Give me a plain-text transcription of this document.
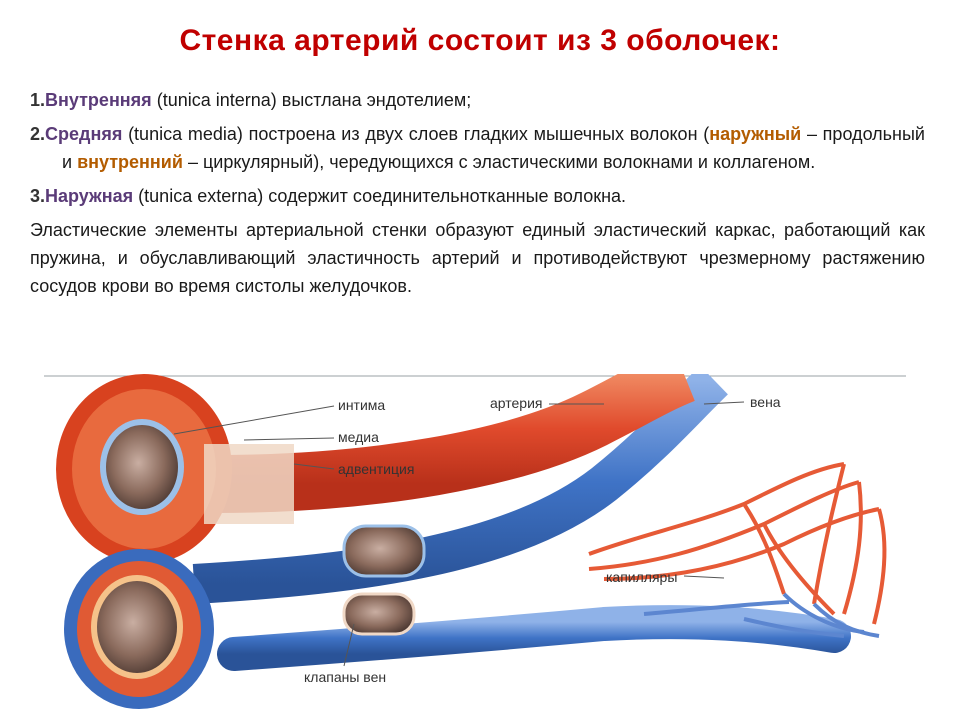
Стенка артерий состоит из 3 оболочек:
1.Внутренняя (tunica interna) выстлана эндотелием;
2.Средняя (tunica media) построена из двух слоев гладких мышечных волокон (наружный – продольный и внутренний – циркулярный), чередующихся с эластическими волокнами и коллагеном.
3.Наружная (tunica externa) содержит соединительнотканные волокна.
Эластические элементы артериальной стенки образуют единый эластический каркас, работающий как пружина, и обуславливающий эластичность артерий и противодействуют чрезмерному растяжению сосудов крови во время систолы желудочков.
интима
медиа
адвентиция
артерия	вена
капилляры
клапаны вен
